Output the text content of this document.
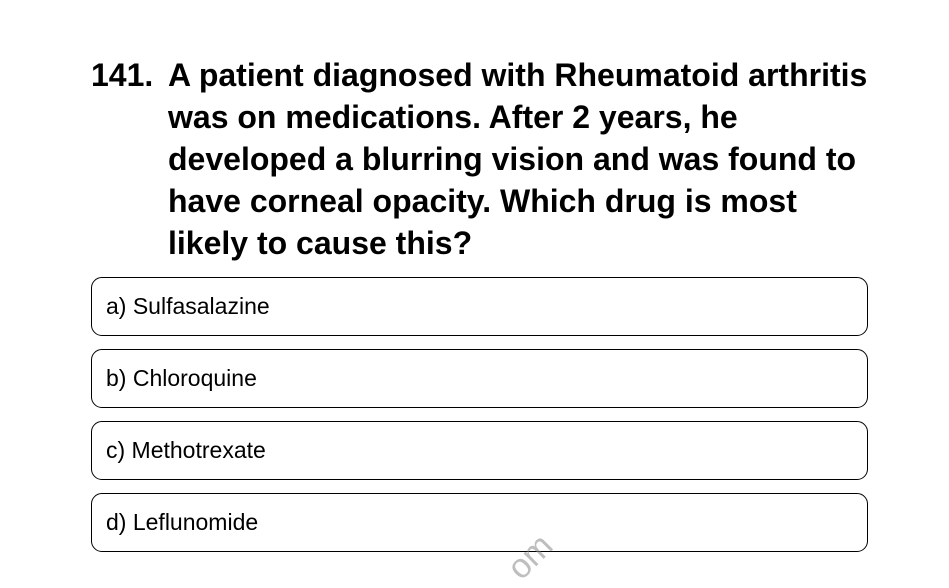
141. A patient diagnosed with Rheumatoid arthritis was on medications. After 2 years, he developed a blurring vision and was found to have corneal opacity. Which drug is most likely to cause this?
a) Sulfasalazine
b) Chloroquine
c) Methotrexate
d) Leflunomide
om
